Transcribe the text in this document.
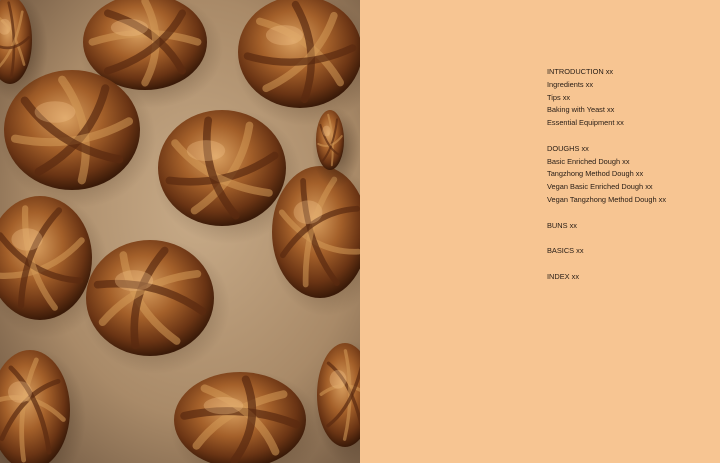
INTRODUCTION xx
Ingredients xx
Tips xx
Baking with Yeast xx
Essential Equipment xx
DOUGHS xx
Basic Enriched Dough xx
Tangzhong Method Dough xx
Vegan Basic Enriched Dough xx
Vegan Tangzhong Method Dough xx
BUNS xx
BASICS xx
INDEX xx
